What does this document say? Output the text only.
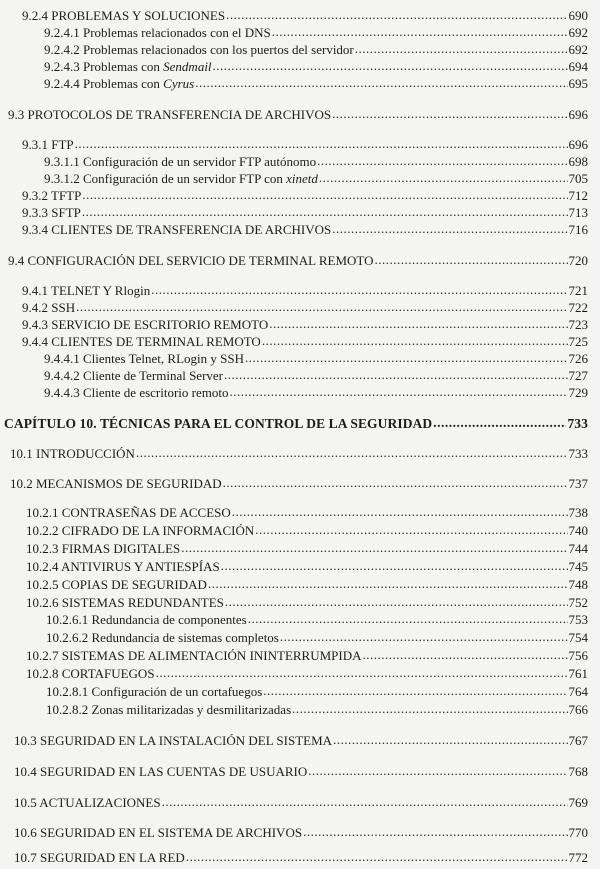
9.2.4 PROBLEMAS Y SOLUCIONES .....	690
9.2.4.1 Problemas relacionados con el DNS .....	692
9.2.4.2 Problemas relacionados con los puertos del servidor .....	692
9.2.4.3 Problemas con Sendmail .....	694
9.2.4.4 Problemas con Cyrus .....	695
9.3 PROTOCOLOS DE TRANSFERENCIA DE ARCHIVOS .....	696
9.3.1 FTP .....	696
9.3.1.1 Configuración de un servidor FTP autónomo .....	698
9.3.1.2 Configuración de un servidor FTP con xinetd .....	705
9.3.2 TFTP .....	712
9.3.3 SFTP .....	713
9.3.4 CLIENTES DE TRANSFERENCIA DE ARCHIVOS .....	716
9.4 CONFIGURACIÓN DEL SERVICIO DE TERMINAL REMOTO .....	720
9.4.1 TELNET Y Rlogin .....	721
9.4.2 SSH .....	722
9.4.3 SERVICIO DE ESCRITORIO REMOTO .....	723
9.4.4 CLIENTES DE TERMINAL REMOTO .....	725
9.4.4.1 Clientes Telnet, RLogin y SSH .....	726
9.4.4.2 Cliente de Terminal Server .....	727
9.4.4.3 Cliente de escritorio remoto .....	729
CAPÍTULO 10. TÉCNICAS PARA EL CONTROL DE LA SEGURIDAD .....	733
10.1 INTRODUCCIÓN .....	733
10.2 MECANISMOS DE SEGURIDAD .....	737
10.2.1 CONTRASEÑAS DE ACCESO .....	738
10.2.2 CIFRADO DE LA INFORMACIÓN .....	740
10.2.3 FIRMAS DIGITALES .....	744
10.2.4 ANTIVIRUS Y ANTIESPÍAS .....	745
10.2.5 COPIAS DE SEGURIDAD .....	748
10.2.6 SISTEMAS REDUNDANTES .....	752
10.2.6.1 Redundancia de componentes .....	753
10.2.6.2 Redundancia de sistemas completos .....	754
10.2.7 SISTEMAS DE ALIMENTACIÓN ININTERRUMPIDA .....	756
10.2.8 CORTAFUEGOS .....	761
10.2.8.1 Configuración de un cortafuegos .....	764
10.2.8.2 Zonas militarizadas y desmilitarizadas .....	766
10.3 SEGURIDAD EN LA INSTALACIÓN DEL SISTEMA .....	767
10.4 SEGURIDAD EN LAS CUENTAS DE USUARIO .....	768
10.5 ACTUALIZACIONES .....	769
10.6 SEGURIDAD EN EL SISTEMA DE ARCHIVOS .....	770
10.7 SEGURIDAD EN LA RED .....	772
